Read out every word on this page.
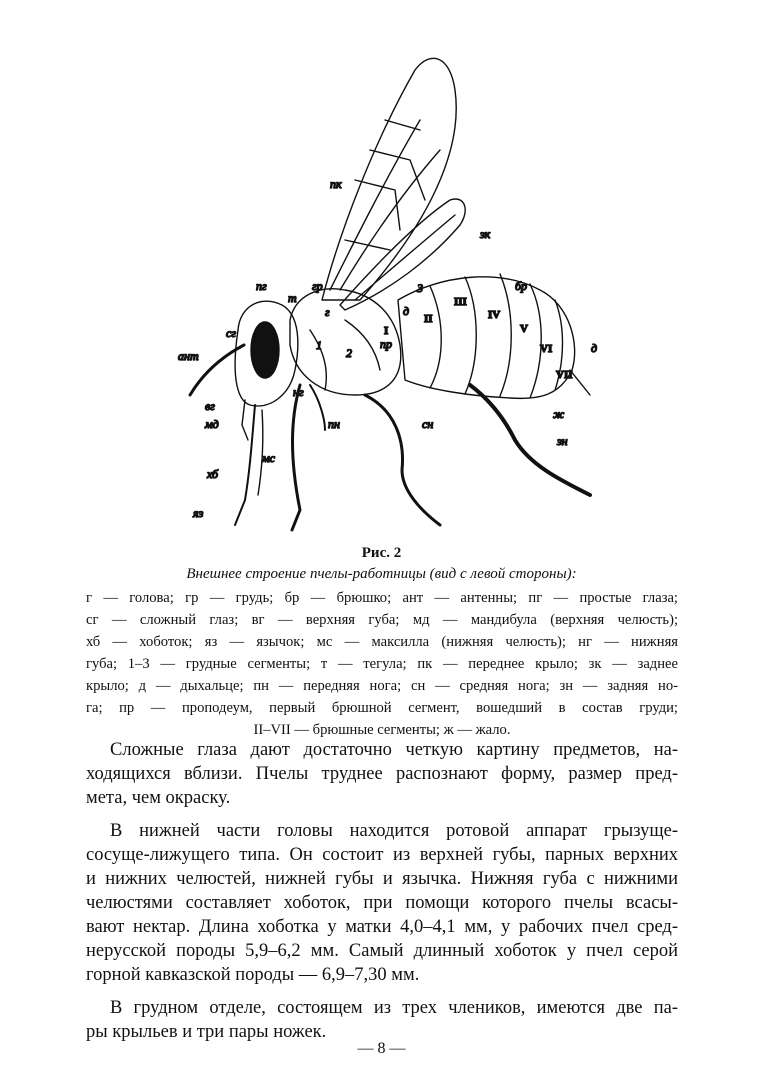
пк
зк
бр
гр
т
пг
г
сг
ант
вг
мд
нг
мс
хб
яз
пн	сн
зн
ж
д
д
пр
1
2
3
I
II
III
IV
V
VI
VII
Рис. 2
Внешнее строение пчелы-работницы (вид с левой стороны):
г — голова; гр — грудь; бр — брюшко; ант — антенны; пг — простые глаза;
сг — сложный глаз; вг — верхняя губа; мд — мандибула (верхняя челюсть);
хб — хоботок; яз — язычок; мс — максилла (нижняя челюсть); нг — нижняя
губа; 1–3 — грудные сегменты; т — тегула; пк — переднее крыло; зк — заднее
крыло; д — дыхальце; пн — передняя нога; сн — средняя нога; зн — задняя но-
га; пр — проподеум, первый брюшной сегмент, вошедший в состав груди;
II–VII — брюшные сегменты; ж — жало.
Сложные глаза дают достаточно четкую картину предметов, на-
ходящихся вблизи. Пчелы труднее распознают форму, размер пред-
мета, чем окраску.
В нижней части головы находится ротовой аппарат грызуще-
сосуще-лижущего типа. Он состоит из верхней губы, парных верхних
и нижних челюстей, нижней губы и язычка. Нижняя губа с нижними
челюстями составляет хоботок, при помощи которого пчелы всасы-
вают нектар. Длина хоботка у матки 4,0–4,1 мм, у рабочих пчел сред-
нерусской породы 5,9–6,2 мм. Самый длинный хоботок у пчел серой
горной кавказской породы — 6,9–7,30 мм.
В грудном отделе, состоящем из трех члеников, имеются две па-
ры крыльев и три пары ножек.
— 8 —
